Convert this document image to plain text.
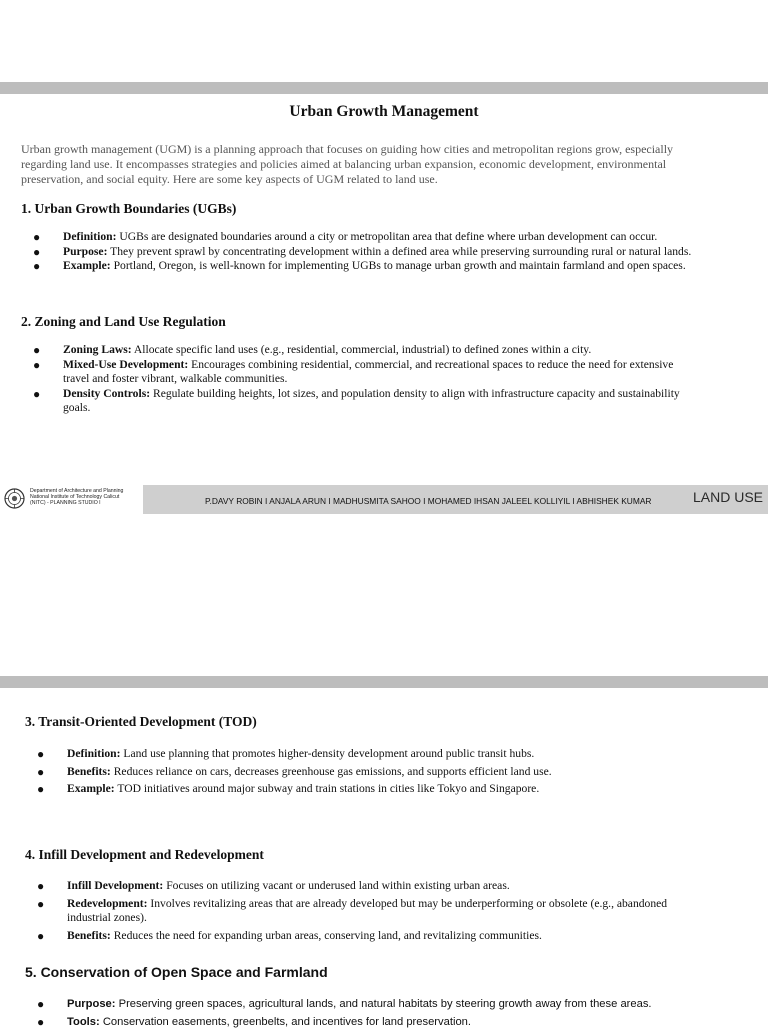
Urban Growth Management

Urban growth management (UGM) is a planning approach that focuses on guiding how cities and metropolitan regions grow, especially

regarding land use. It encompasses strategies and policies aimed at balancing urban expansion, economic development, environmental

preservation, and social equity. Here are some key aspects of UGM related to land use.

1. Urban Growth Boundaries (UGBs)
● Definition: UGBs are designated boundaries around a city or metropolitan area that define where urban development can occur.
● Purpose: They prevent sprawl by concentrating development within a defined area while preserving surrounding rural or natural lands.
● Example: Portland, Oregon, is well-known for implementing UGBs to manage urban growth and maintain farmland and open spaces.
2. Zoning and Land Use Regulation
● Zoning Laws: Allocate specific land uses (e.g., residential, commercial, industrial) to defined zones within a city.
● Mixed-Use Development: Encourages combining residential, commercial, and recreational spaces to reduce the need for extensive
travel and foster vibrant, walkable communities.
● Density Controls: Regulate building heights, lot sizes, and population density to align with infrastructure capacity and sustainability
goals.
Department of Architecture and Planning
National Institute of Technology Calicut
(NITC) - PLANNING STUDIO I	P.DAVY ROBIN I ANJALA ARUN I MADHUSMITA SAHOO I MOHAMED IHSAN JALEEL KOLLIYIL I ABHISHEK KUMAR	LAND USE
3. Transit-Oriented Development (TOD)
● Definition: Land use planning that promotes higher-density development around public transit hubs.
● Benefits: Reduces reliance on cars, decreases greenhouse gas emissions, and supports efficient land use.
● Example: TOD initiatives around major subway and train stations in cities like Tokyo and Singapore.
4. Infill Development and Redevelopment
● Infill Development: Focuses on utilizing vacant or underused land within existing urban areas.
● Redevelopment: Involves revitalizing areas that are already developed but may be underperforming or obsolete (e.g., abandoned
industrial zones).
● Benefits: Reduces the need for expanding urban areas, conserving land, and revitalizing communities.
5. Conservation of Open Space and Farmland
● Purpose: Preserving green spaces, agricultural lands, and natural habitats by steering growth away from these areas.
● Tools: Conservation easements, greenbelts, and incentives for land preservation.
